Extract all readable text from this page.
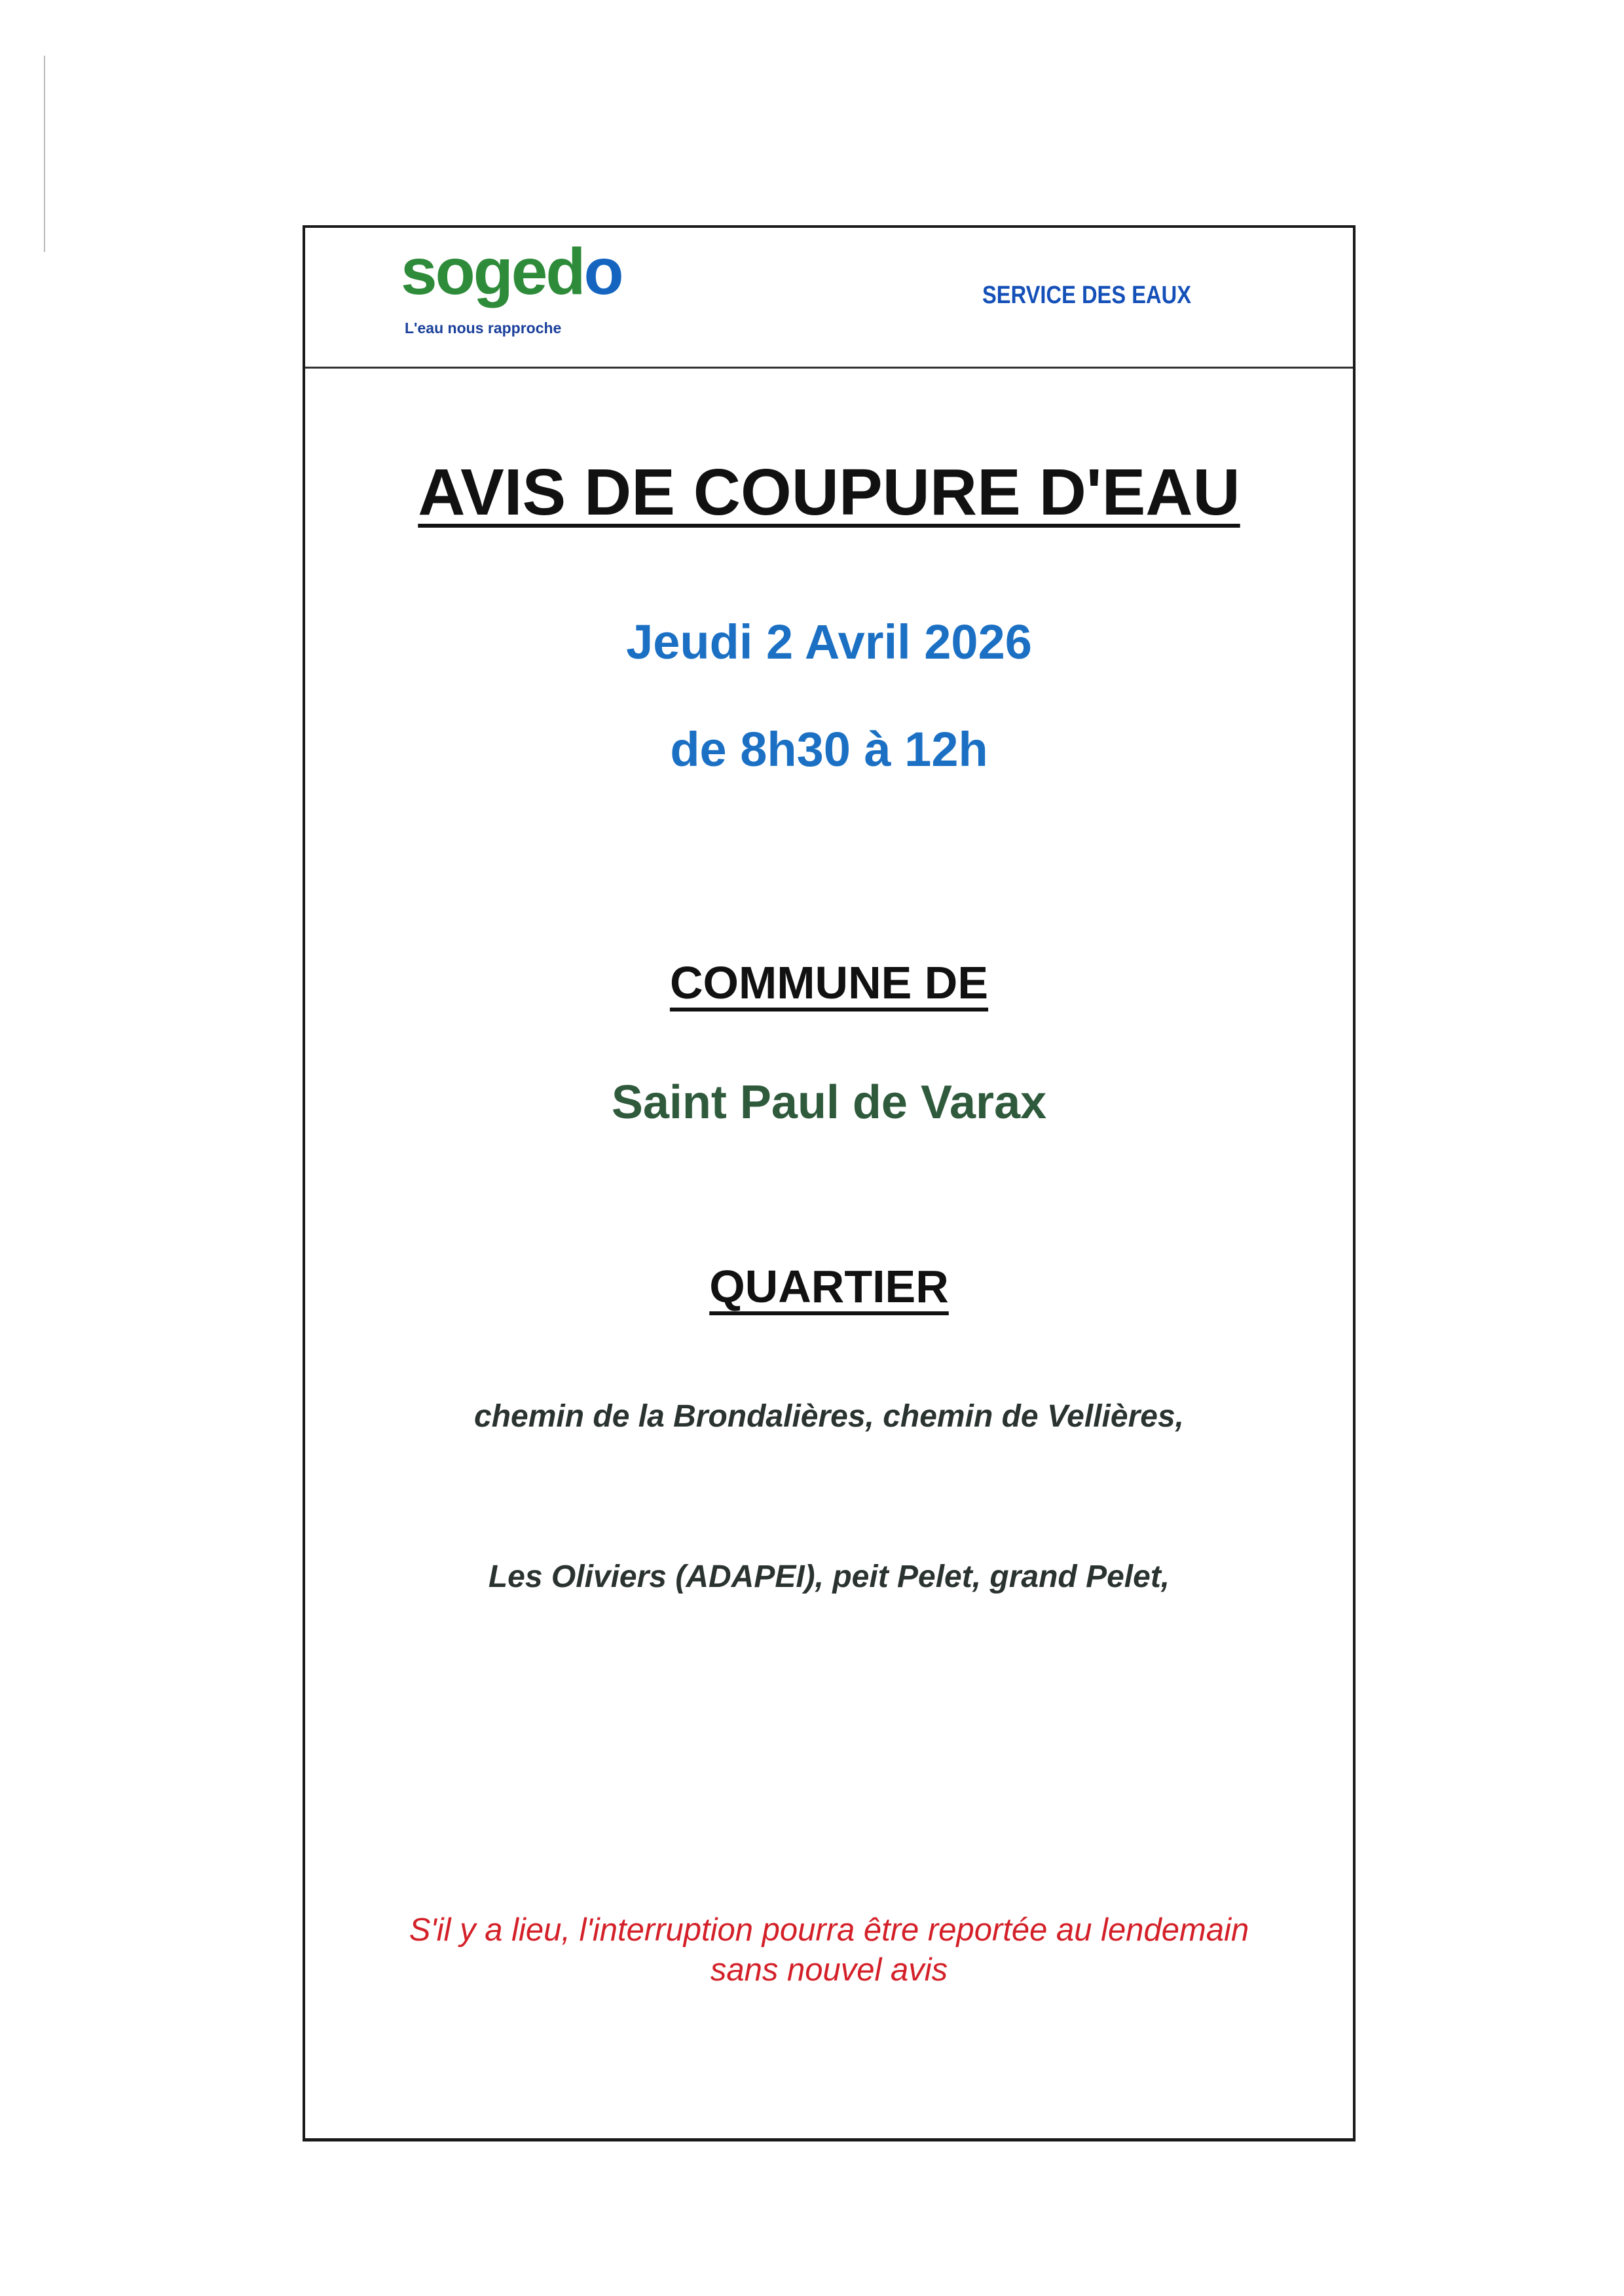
sogedo
L'eau nous rapproche
SERVICE DES EAUX
AVIS DE COUPURE D'EAU
Jeudi 2 Avril 2026
de 8h30 à 12h
COMMUNE DE
Saint Paul de Varax
QUARTIER
chemin de la Brondalières, chemin de Vellières,
Les Oliviers (ADAPEI), peit Pelet, grand Pelet,
S'il y a lieu, l'interruption pourra être reportée au lendemain
sans nouvel avis
